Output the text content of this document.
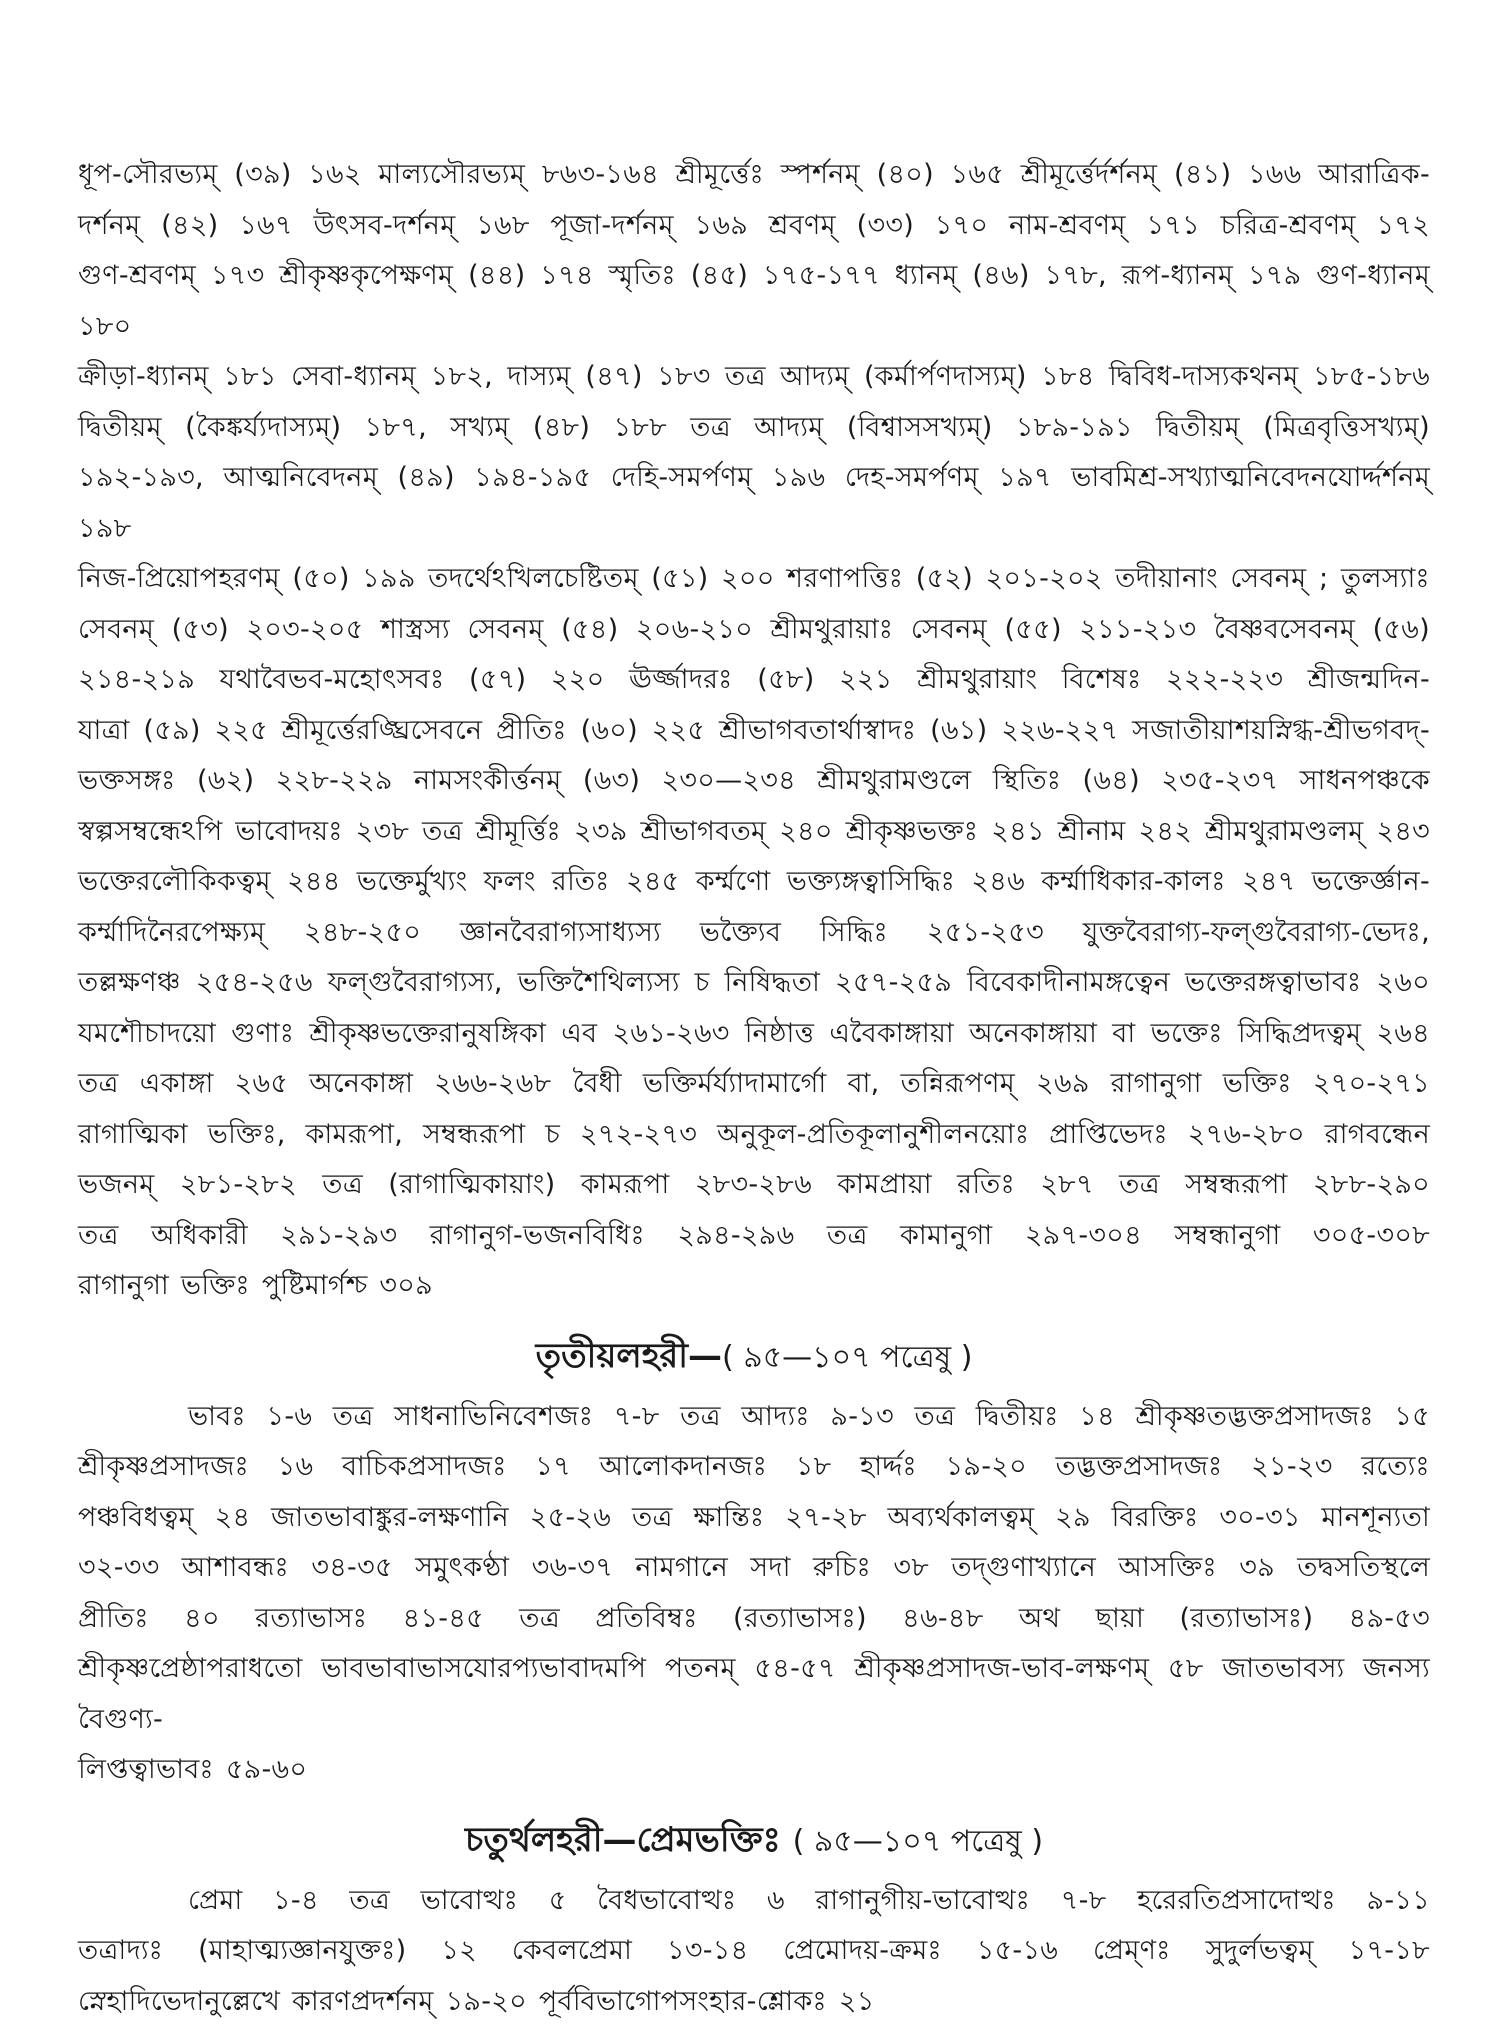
ধূপ-সৌরভ্যম্ (৩৯) ১৬২ মাল্যসৌরভ্যম্ ৮৬৩-১৬৪ শ্রীমূর্ত্তেঃ স্পর্শনম্ (৪০) ১৬৫ শ্রীমূর্ত্তের্দর্শনম্ (৪১) ১৬৬ আরাত্রিক-

দর্শনম্ (৪২) ১৬৭ উৎসব-দর্শনম্ ১৬৮ পূজা-দর্শনম্ ১৬৯ শ্রবণম্ (৩৩) ১৭০ নাম-শ্রবণম্ ১৭১ চরিত্র-শ্রবণম্ ১৭২

গুণ-শ্রবণম্ ১৭৩ শ্রীকৃষ্ণকৃপেক্ষণম্ (৪৪) ১৭৪ স্মৃতিঃ (৪৫) ১৭৫-১৭৭ ধ্যানম্ (৪৬) ১৭৮, রূপ-ধ্যানম্ ১৭৯ গুণ-ধ্যানম্ ১৮০

ক্রীড়া-ধ্যানম্ ১৮১ সেবা-ধ্যানম্ ১৮২, দাস্যম্ (৪৭) ১৮৩ তত্র আদ্যম্ (কর্মার্পণদাস্যম্) ১৮৪ দ্বিবিধ-দাস্যকথনম্ ১৮৫-১৮৬

দ্বিতীয়ম্ (কৈঙ্কর্য্যদাস্যম্) ১৮৭, সখ্যম্ (৪৮) ১৮৮ তত্র আদ্যম্ (বিশ্বাসসখ্যম্) ১৮৯-১৯১ দ্বিতীয়ম্ (মিত্রবৃত্তিসখ্যম্)

১৯২-১৯৩, আত্মনিবেদনম্ (৪৯) ১৯৪-১৯৫ দেহি-সমর্পণম্ ১৯৬ দেহ-সমর্পণম্ ১৯৭ ভাবমিশ্র-সখ্যাত্মনিবেদনযোর্দ্দর্শনম্ ১৯৮

নিজ-প্রিয়োপহরণম্ (৫০) ১৯৯ তদর্থেঽখিলচেষ্টিতম্ (৫১) ২০০ শরণাপত্তিঃ (৫২) ২০১-২০২ তদীয়ানাং সেবনম্ ; তুলস্যাঃ

সেবনম্ (৫৩) ২০৩-২০৫ শাস্ত্রস্য সেবনম্ (৫৪) ২০৬-২১০ শ্রীমথুরায়াঃ সেবনম্ (৫৫) ২১১-২১৩ বৈষ্ণবসেবনম্ (৫৬)

২১৪-২১৯ যথাবৈভব-মহোৎসবঃ (৫৭) ২২০ ঊর্জ্জাদরঃ (৫৮) ২২১ শ্রীমথুরায়াং বিশেষঃ ২২২-২২৩ শ্রীজন্মদিন-

যাত্রা (৫৯) ২২৫ শ্রীমূর্ত্তেরঙ্ঘ্রিসেবনে প্রীতিঃ (৬০) ২২৫ শ্রীভাগবতার্থাস্বাদঃ (৬১) ২২৬-২২৭ সজাতীয়াশয়স্নিগ্ধ-শ্রীভগবদ্-

ভক্তসঙ্গঃ (৬২) ২২৮-২২৯ নামসংকীর্ত্তনম্ (৬৩) ২৩০—২৩৪ শ্রীমথুরামণ্ডলে স্থিতিঃ (৬৪) ২৩৫-২৩৭ সাধনপঞ্চকে

স্বল্পসম্বন্ধেঽপি ভাবোদয়ঃ ২৩৮ তত্র শ্রীমূর্ত্তিঃ ২৩৯ শ্রীভাগবতম্ ২৪০ শ্রীকৃষ্ণভক্তঃ ২৪১ শ্রীনাম ২৪২ শ্রীমথুরামণ্ডলম্ ২৪৩

ভক্তেরলৌকিকত্বম্ ২৪৪ ভক্তের্মুখ্যং ফলং রতিঃ ২৪৫ কর্ম্মণো ভক্ত্যঙ্গত্বাসিদ্ধিঃ ২৪৬ কর্ম্মাধিকার-কালঃ ২৪৭ ভক্তের্জ্ঞান-

কর্ম্মাদিনৈরপেক্ষ্যম্ ২৪৮-২৫০ জ্ঞানবৈরাগ্যসাধ্যস্য ভক্ত্যৈব সিদ্ধিঃ ২৫১-২৫৩ যুক্তবৈরাগ্য-ফল্গুবৈরাগ্য-ভেদঃ,

তল্লক্ষণঞ্চ ২৫৪-২৫৬ ফল্গুবৈরাগ্যস্য, ভক্তিশৈথিল্যস্য চ নিষিদ্ধতা ২৫৭-২৫৯ বিবেকাদীনামঙ্গত্বেন ভক্তেরঙ্গত্বাভাবঃ ২৬০

যমশৌচাদয়ো গুণাঃ শ্রীকৃষ্ণভক্তেরানুষঙ্গিকা এব ২৬১-২৬৩ নিষ্ঠাত্ত এবৈকাঙ্গায়া অনেকাঙ্গায়া বা ভক্তেঃ সিদ্ধিপ্রদত্বম্ ২৬৪

তত্র একাঙ্গা ২৬৫ অনেকাঙ্গা ২৬৬-২৬৮ বৈধী ভক্তির্মর্য্যাদামার্গো বা, তন্নিরূপণম্ ২৬৯ রাগানুগা ভক্তিঃ ২৭০-২৭১

রাগাত্মিকা ভক্তিঃ, কামরূপা, সম্বন্ধরূপা চ ২৭২-২৭৩ অনুকূল-প্রতিকূলানুশীলনয়োঃ প্রাপ্তিভেদঃ ২৭৬-২৮০ রাগবন্ধেন

ভজনম্ ২৮১-২৮২ তত্র (রাগাত্মিকায়াং) কামরূপা ২৮৩-২৮৬ কামপ্রায়া রতিঃ ২৮৭ তত্র সম্বন্ধরূপা ২৮৮-২৯০

তত্র অধিকারী ২৯১-২৯৩ রাগানুগ-ভজনবিধিঃ ২৯৪-২৯৬ তত্র কামানুগা ২৯৭-৩০৪ সম্বন্ধানুগা ৩০৫-৩০৮

রাগানুগা ভক্তিঃ পুষ্টিমার্গশ্চ ৩০৯

তৃতীয়লহরী—( ৯৫—১০৭ পত্রেষু )

ভাবঃ ১-৬ তত্র সাধনাভিনিবেশজঃ ৭-৮ তত্র আদ্যঃ ৯-১৩ তত্র দ্বিতীয়ঃ ১৪ শ্রীকৃষ্ণতদ্ভক্তপ্রসাদজঃ ১৫

শ্রীকৃষ্ণপ্রসাদজঃ ১৬ বাচিকপ্রসাদজঃ ১৭ আলোকদানজঃ ১৮ হার্দ্দঃ ১৯-২০ তদ্ভক্তপ্রসাদজঃ ২১-২৩ রত্যেঃ

পঞ্চবিধত্বম্ ২৪ জাতভাবাঙ্কুর-লক্ষণানি ২৫-২৬ তত্র ক্ষান্তিঃ ২৭-২৮ অব্যর্থকালত্বম্ ২৯ বিরক্তিঃ ৩০-৩১ মানশূন্যতা

৩২-৩৩ আশাবন্ধঃ ৩৪-৩৫ সমুৎকণ্ঠা ৩৬-৩৭ নামগানে সদা রুচিঃ ৩৮ তদ্গুণাখ্যানে আসক্তিঃ ৩৯ তদ্বসতিস্থলে

প্রীতিঃ ৪০ রত্যাভাসঃ ৪১-৪৫ তত্র প্রতিবিম্বঃ (রত্যাভাসঃ) ৪৬-৪৮ অথ ছায়া (রত্যাভাসঃ) ৪৯-৫৩

শ্রীকৃষ্ণপ্রেষ্ঠাপরাধতো ভাবভাবাভাসযোরপ্যভাবাদমপি পতনম্ ৫৪-৫৭ শ্রীকৃষ্ণপ্রসাদজ-ভাব-লক্ষণম্ ৫৮ জাতভাবস্য জনস্য বৈগুণ্য-

লিপ্তত্বাভাবঃ ৫৯-৬০

চতুর্থলহরী—প্রেমভক্তিঃ ( ৯৫—১০৭ পত্রেষু )

প্রেমা ১-৪ তত্র ভাবোত্থঃ ৫ বৈধভাবোত্থঃ ৬ রাগানুগীয়-ভাবোত্থঃ ৭-৮ হরেরতিপ্রসাদোত্থঃ ৯-১১

তত্রাদ্যঃ (মাহাত্ম্যজ্ঞানযুক্তঃ) ১২ কেবলপ্রেমা ১৩-১৪ প্রেমোদয়-ক্রমঃ ১৫-১৬ প্রেম্ণঃ সুদুর্লভত্বম্ ১৭-১৮

স্নেহাদিভেদানুল্লেখে কারণপ্রদর্শনম্ ১৯-২০ পূর্ববিভাগোপসংহার-শ্লোকঃ ২১
